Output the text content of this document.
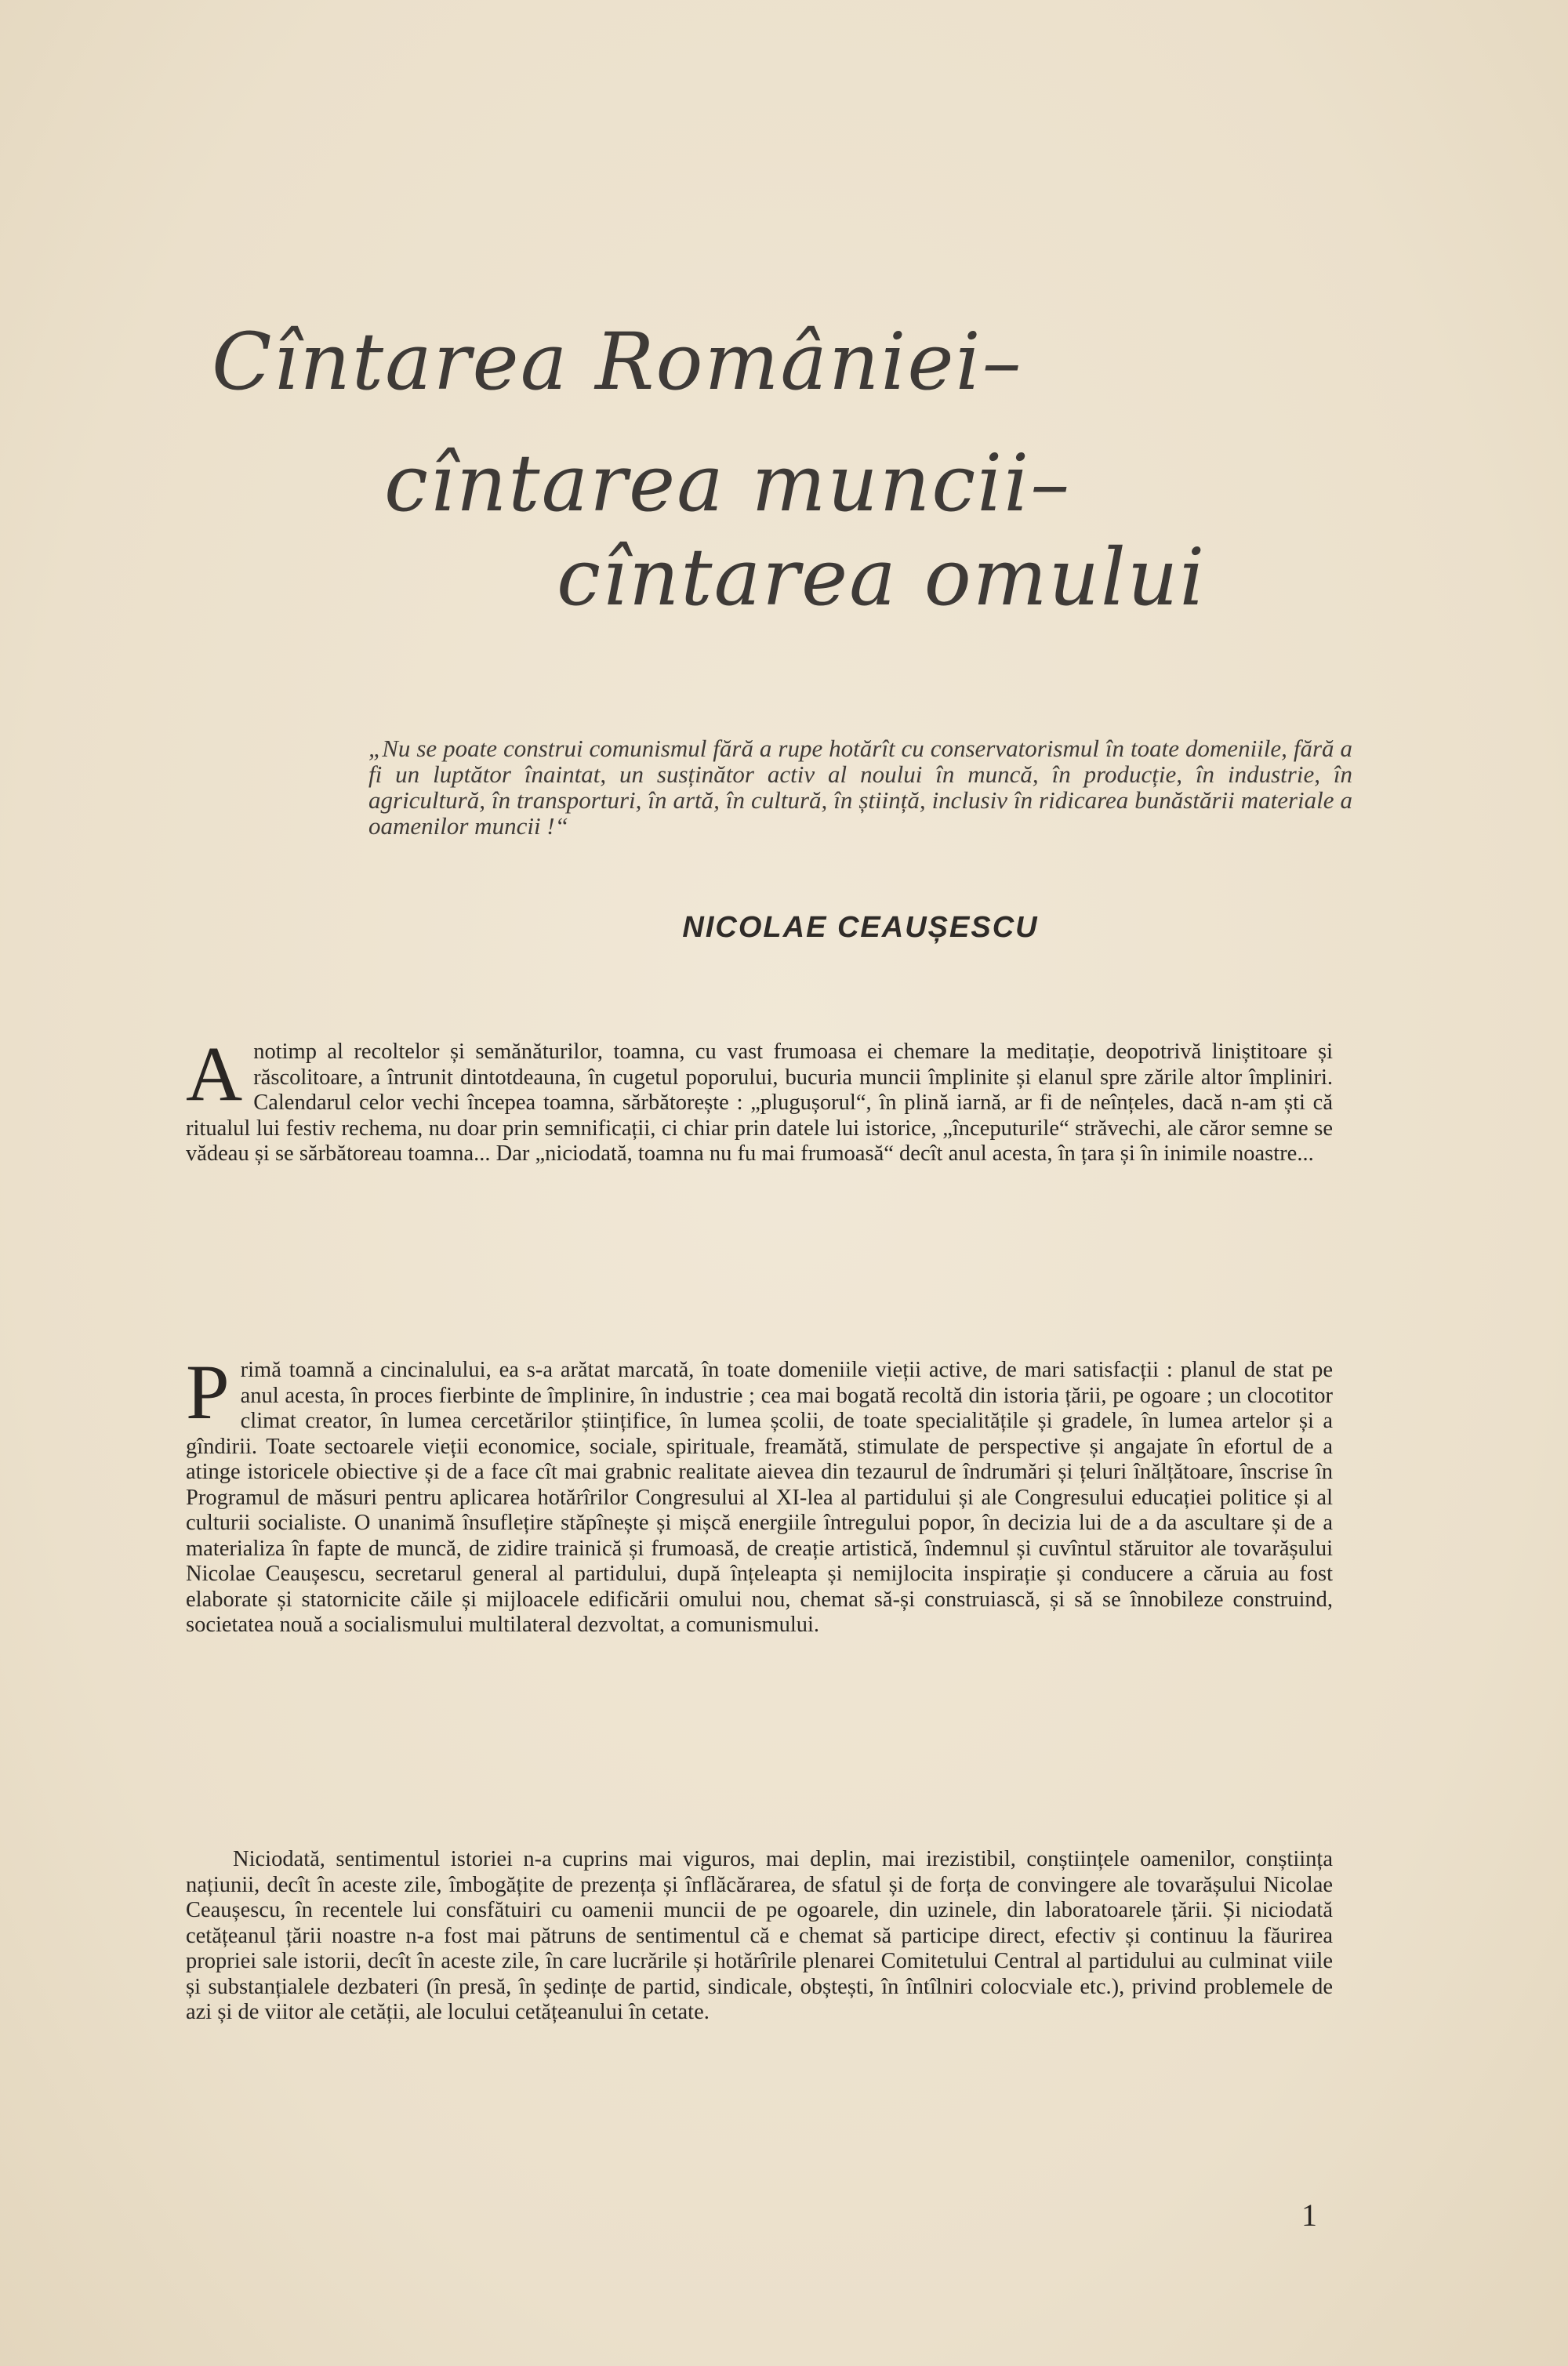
Cîntarea României–
cîntarea muncii–
cîntarea omului

„Nu se poate construi comunismul fără a rupe hotărît cu conservatorismul în toate domeniile, fără a fi un luptător înaintat, un susținător activ al noului în muncă, în producție, în industrie, în agricultură, în transporturi, în artă, în cultură, în știință, inclusiv în ridicarea bunăstării materiale a oamenilor muncii !“

NICOLAE CEAUȘESCU
A notimp al recoltelor și semănăturilor, toamna, cu vast frumoasa ei chemare la meditație, deopotrivă liniștitoare și răscolitoare, a întrunit dintotdeauna, în cugetul poporului, bucuria muncii împlinite și elanul spre zările altor împliniri. Calendarul celor vechi începea toamna, sărbătorește : „plugușorul“, în plină iarnă, ar fi de neînțeles, dacă n-am ști că ritualul lui festiv rechema, nu doar prin semnificații, ci chiar prin datele lui istorice, „începuturile“ străvechi, ale căror semne se vădeau și se sărbătoreau toamna... Dar „niciodată, toamna nu fu mai frumoasă“ decît anul acesta, în țara și în inimile noastre...

P rimă toamnă a cincinalului, ea s-a arătat marcată, în toate domeniile vieții active, de mari satisfacții : planul de stat pe anul acesta, în proces fierbinte de împlinire, în industrie ; cea mai bogată recoltă din istoria țării, pe ogoare ; un clocotitor climat creator, în lumea cercetărilor științifice, în lumea școlii, de toate specialitățile și gradele, în lumea artelor și a gîndirii. Toate sectoarele vieții economice, sociale, spirituale, freamătă, stimulate de perspective și angajate în efortul de a atinge istoricele obiective și de a face cît mai grabnic realitate aievea din tezaurul de îndrumări și țeluri înălțătoare, înscrise în Programul de măsuri pentru aplicarea hotărîrilor Congresului al XI-lea al partidului și ale Congresului educației politice și al culturii socialiste. O unanimă însuflețire stăpînește și mișcă energiile întregului popor, în decizia lui de a da ascultare și de a materializa în fapte de muncă, de zidire trainică și frumoasă, de creație artistică, îndemnul și cuvîntul stăruitor ale tovarășului Nicolae Ceaușescu, secretarul general al partidului, după înțeleapta și nemijlocita inspirație și conducere a căruia au fost elaborate și statornicite căile și mijloacele edificării omului nou, chemat să-și construiască, și să se înnobileze construind, societatea nouă a socialismului multilateral dezvoltat, a comunismului.

Niciodată, sentimentul istoriei n-a cuprins mai viguros, mai deplin, mai irezistibil, conștiințele oamenilor, conștiința națiunii, decît în aceste zile, îmbogățite de prezența și înflăcărarea, de sfatul și de forța de convingere ale tovarășului Nicolae Ceaușescu, în recentele lui consfătuiri cu oamenii muncii de pe ogoarele, din uzinele, din laboratoarele țării. Și niciodată cetățeanul țării noastre n-a fost mai pătruns de sentimentul că e chemat să participe direct, efectiv și continuu la făurirea propriei sale istorii, decît în aceste zile, în care lucrările și hotărîrile plenarei Comitetului Central al partidului au culminat viile și substanțialele dezbateri (în presă, în ședințe de partid, sindicale, obștești, în întîlniri colocviale etc.), privind problemele de azi și de viitor ale cetății, ale locului cetățeanului în cetate.

1
